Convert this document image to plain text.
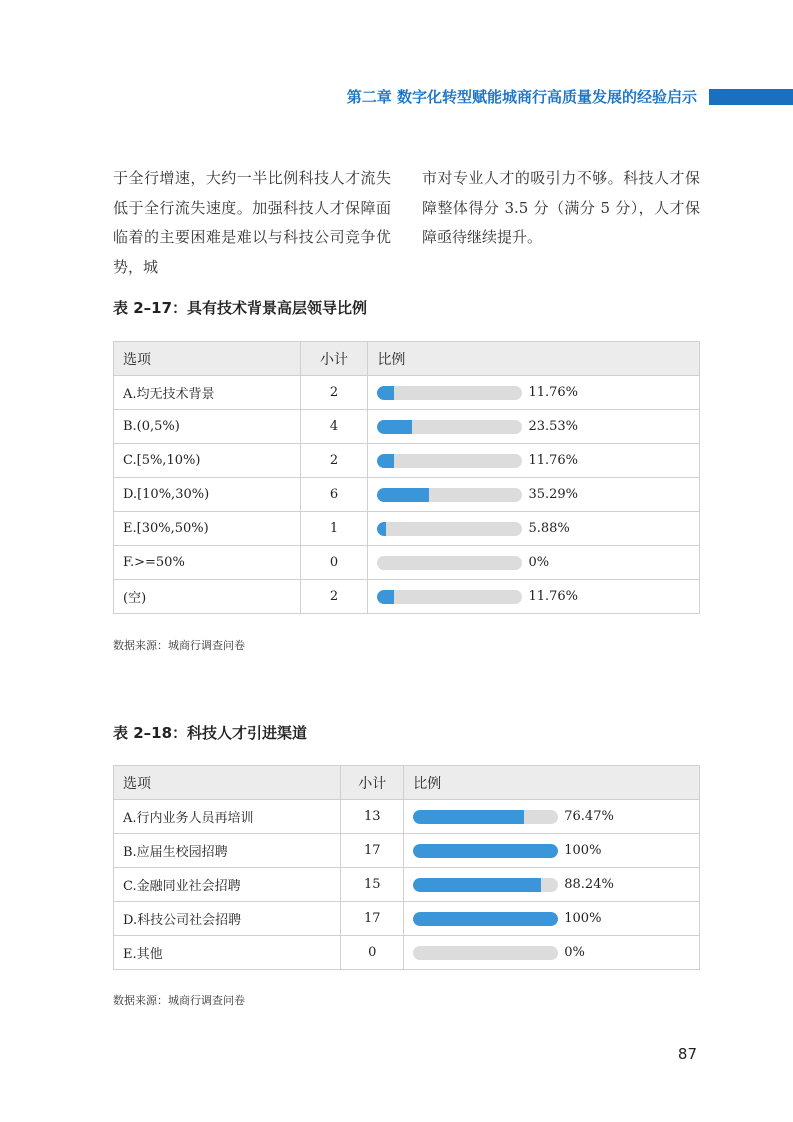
第二章 数字化转型赋能城商行高质量发展的经验启示
于全行增速，大约一半比例科技人才流失低于全行流失速度。加强科技人才保障面临着的主要困难是难以与科技公司竞争优势，城
市对专业人才的吸引力不够。科技人才保障整体得分 3.5 分（满分 5 分），人才保障亟待继续提升。
表 2–17：具有技术背景高层领导比例
选项	小计	比例
A.均无技术背景	2	11.76%

B.(0,5%)	4	23.53%

C.[5%,10%)	2	11.76%

D.[10%,30%)	6	35.29%

E.[30%,50%)	1	5.88%

F.>=50%	0	0%

(空)	2	11.76%
数据来源：城商行调查问卷
表 2–18：科技人才引进渠道
选项	小计	比例
A.行内业务人员再培训	13	76.47%

B.应届生校园招聘	17	100%

C.金融同业社会招聘	15	88.24%

D.科技公司社会招聘	17	100%

E.其他	0	0%
数据来源：城商行调查问卷
87
